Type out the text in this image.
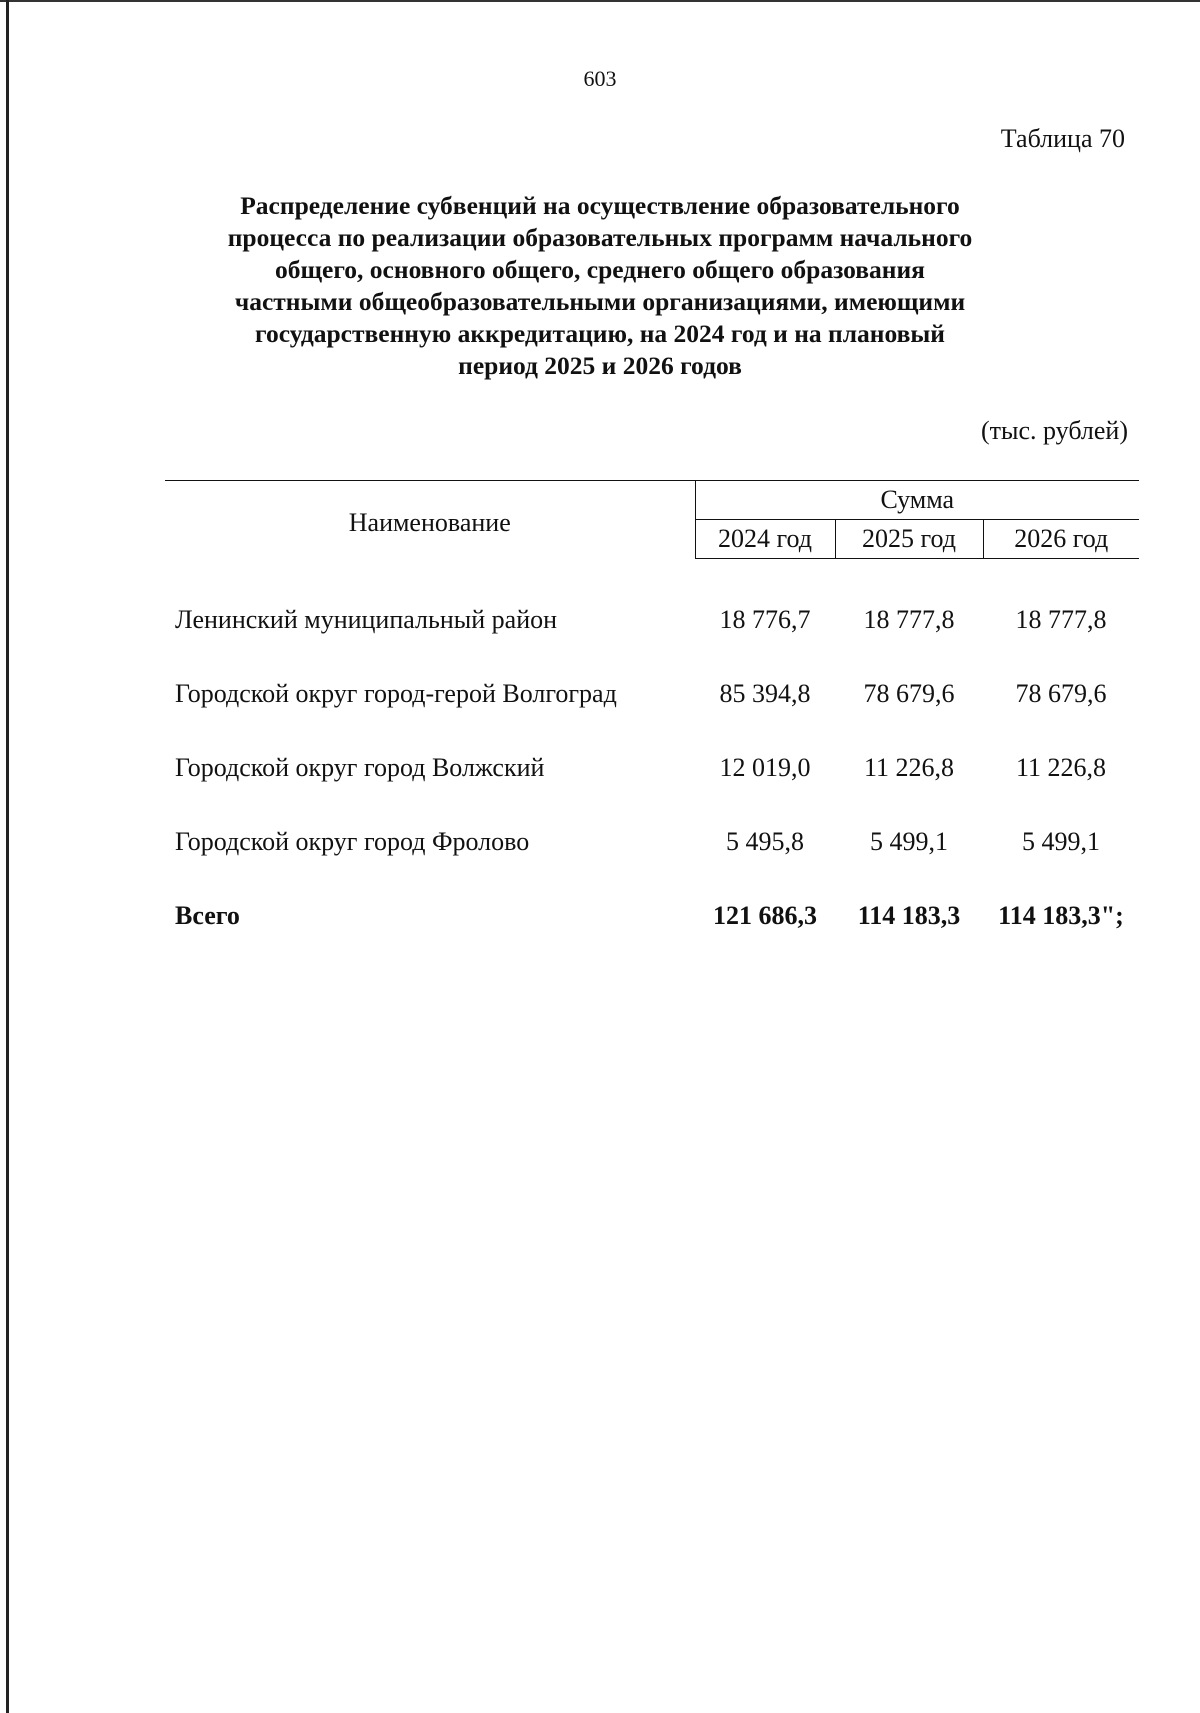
603
Таблица 70
Распределение субвенций на осуществление образовательного
процесса по реализации образовательных программ начального
общего, основного общего, среднего общего образования
частными общеобразовательными организациями, имеющими
государственную аккредитацию, на 2024 год и на плановый
период 2025 и 2026 годов
(тыс. рублей)
Наименование	Сумма		
	2024 год	2025 год	2026 год
Ленинский муниципальный район	18 776,7	18 777,8	18 777,8
Городской округ город-герой Волгоград	85 394,8	78 679,6	78 679,6
Городской округ город Волжский	12 019,0	11 226,8	11 226,8
Городской округ город Фролово	5 495,8	5 499,1	5 499,1
Всего	121 686,3	114 183,3	114 183,3";
